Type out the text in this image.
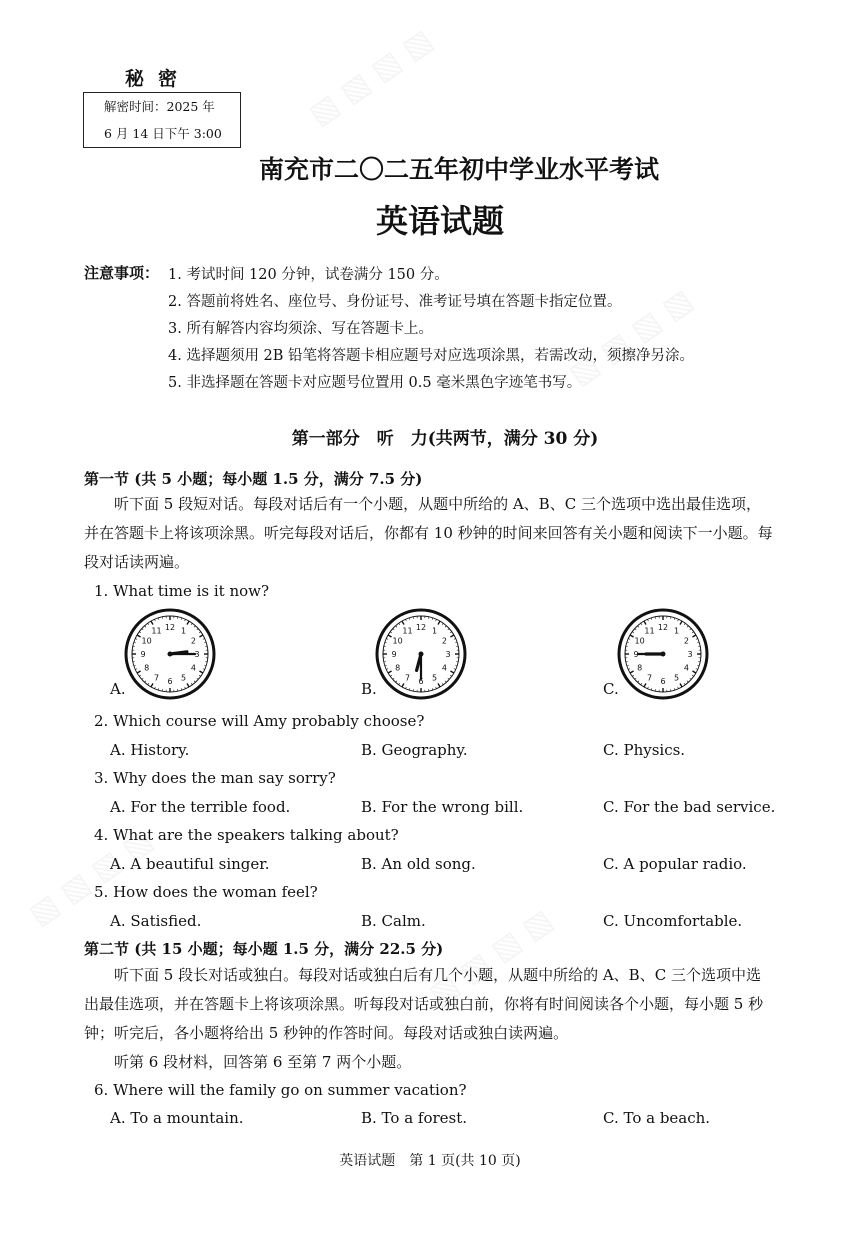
秘密
解密时间：2025 年
6 月 14 日下午 3:00
南充市二〇二五年初中学业水平考试
英语试题
注意事项： 1. 考试时间 120 分钟，试卷满分 150 分。
2. 答题前将姓名、座位号、身份证号、准考证号填在答题卡指定位置。
3. 所有解答内容均须涂、写在答题卡上。
4. 选择题须用 2B 铅笔将答题卡相应题号对应选项涂黑，若需改动，须擦净另涂。
5. 非选择题在答题卡对应题号位置用 0.5 毫米黑色字迹笔书写。
第一部分　听　力(共两节，满分 30 分)
第一节 (共 5 小题；每小题 1.5 分，满分 7.5 分)
听下面 5 段短对话。每段对话后有一个小题，从题中所给的 A、B、C 三个选项中选出最佳选项，并在答题卡上将该项涂黑。听完每段对话后，你都有 10 秒钟的时间来回答有关小题和阅读下一小题。每段对话读两遍。
1. What time is it now?
A.	B.	C.
12 1
2
3
4
5
6
7
8
9
10
11	12 1
2
3
4
5
6
7
8
9
10
11	12 1
2
3
4
5
6
7
8
9
10
11
2. Which course will Amy probably choose?
A. History.	B. Geography.	C. Physics.
3. Why does the man say sorry?
A. For the terrible food.	B. For the wrong bill.	C. For the bad service.
4. What are the speakers talking about?
A. A beautiful singer.	B. An old song.	C. A popular radio.
5. How does the woman feel?
A. Satisfied.	B. Calm.	C. Uncomfortable.
第二节 (共 15 小题；每小题 1.5 分，满分 22.5 分)
听下面 5 段长对话或独白。每段对话或独白后有几个小题，从题中所给的 A、B、C 三个选项中选出最佳选项，并在答题卡上将该项涂黑。听每段对话或独白前，你将有时间阅读各个小题，每小题 5 秒钟；听完后，各小题将给出 5 秒钟的作答时间。每段对话或独白读两遍。
听第 6 段材料，回答第 6 至第 7 两个小题。
6. Where will the family go on summer vacation?
A. To a mountain.	B. To a forest.	C. To a beach.
英语试题　第 1 页(共 10 页)
